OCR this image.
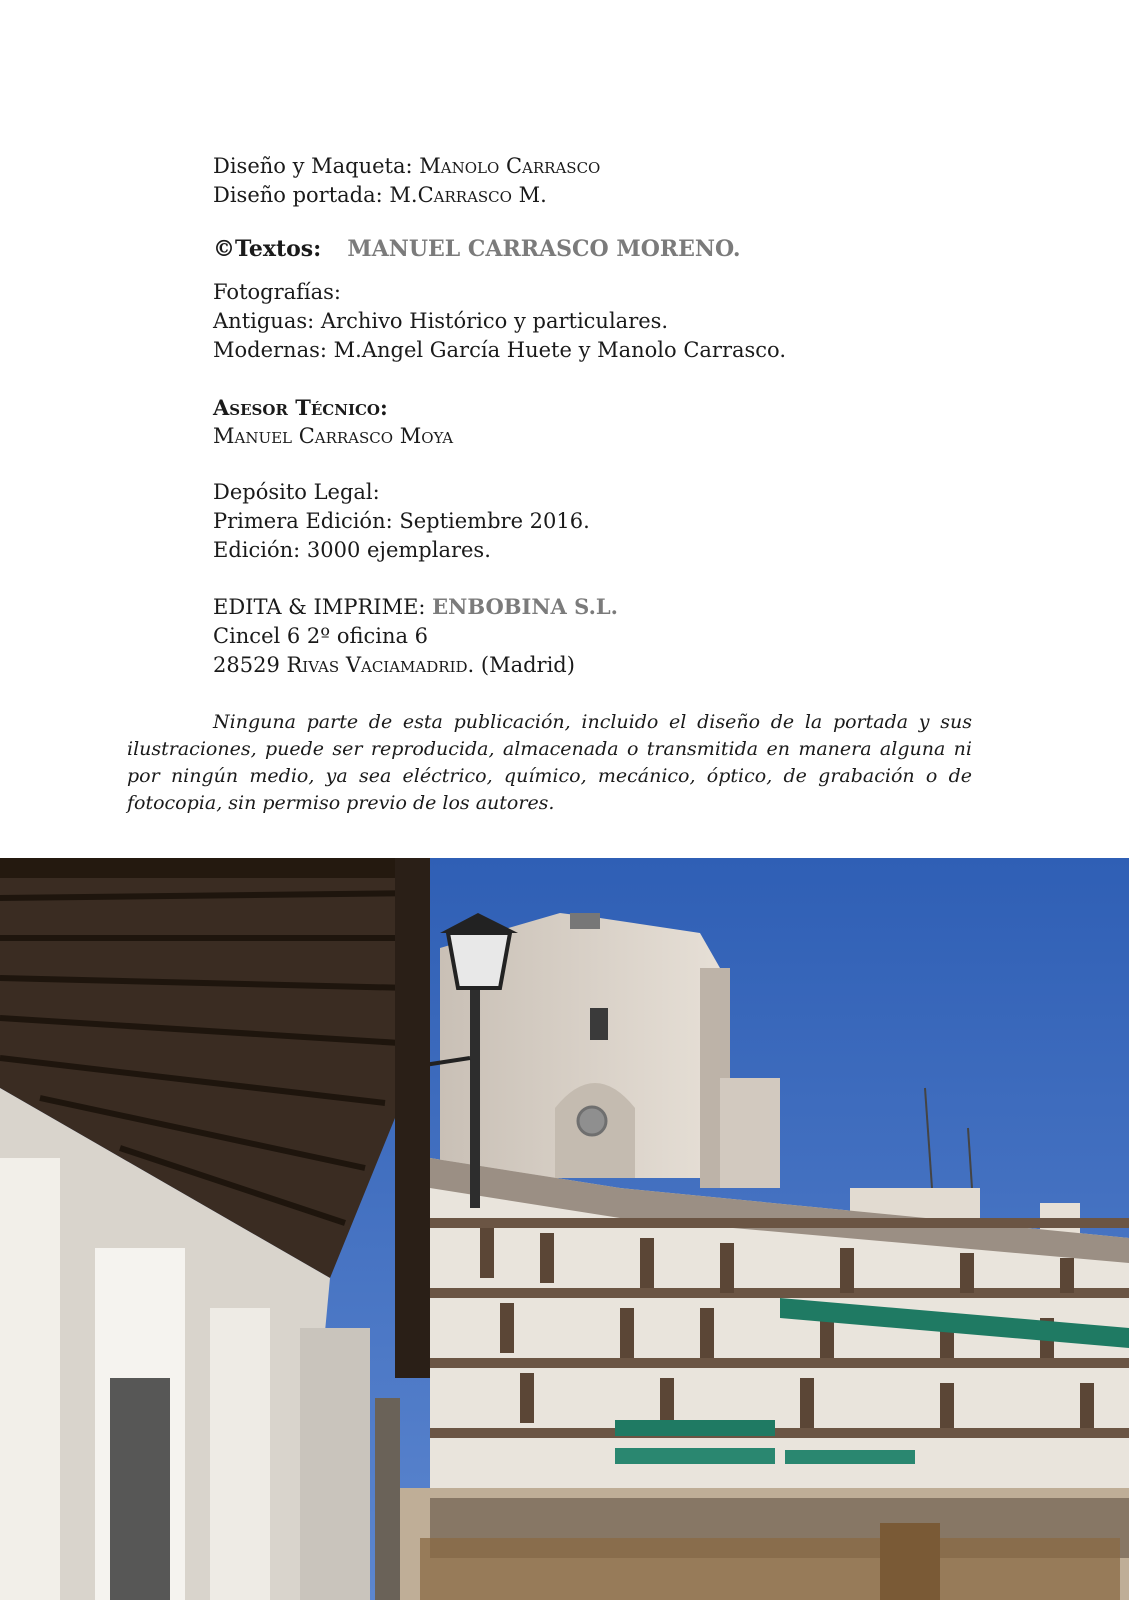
Diseño y Maqueta: Manolo Carrasco
Diseño portada: M.Carrasco M.
©Textos: MANUEL CARRASCO MORENO.
Fotografías:
Antiguas: Archivo Histórico y particulares.
Modernas: M.Angel García Huete y Manolo Carrasco.
Asesor Técnico:
Manuel Carrasco Moya
Depósito Legal:
Primera Edición: Septiembre 2016.
Edición: 3000 ejemplares.
EDITA & IMPRIME: ENBOBINA S.L.
Cincel 6 2º oficina 6
28529 Rivas Vaciamadrid. (Madrid)
Ninguna parte de esta publicación, incluido el diseño de la portada y sus ilustraciones, puede ser reproducida, almacenada o transmitida en manera alguna ni por ningún medio, ya sea eléctrico, químico, mecánico, óptico, de grabación o de fotocopia, sin permiso previo de los autores.
